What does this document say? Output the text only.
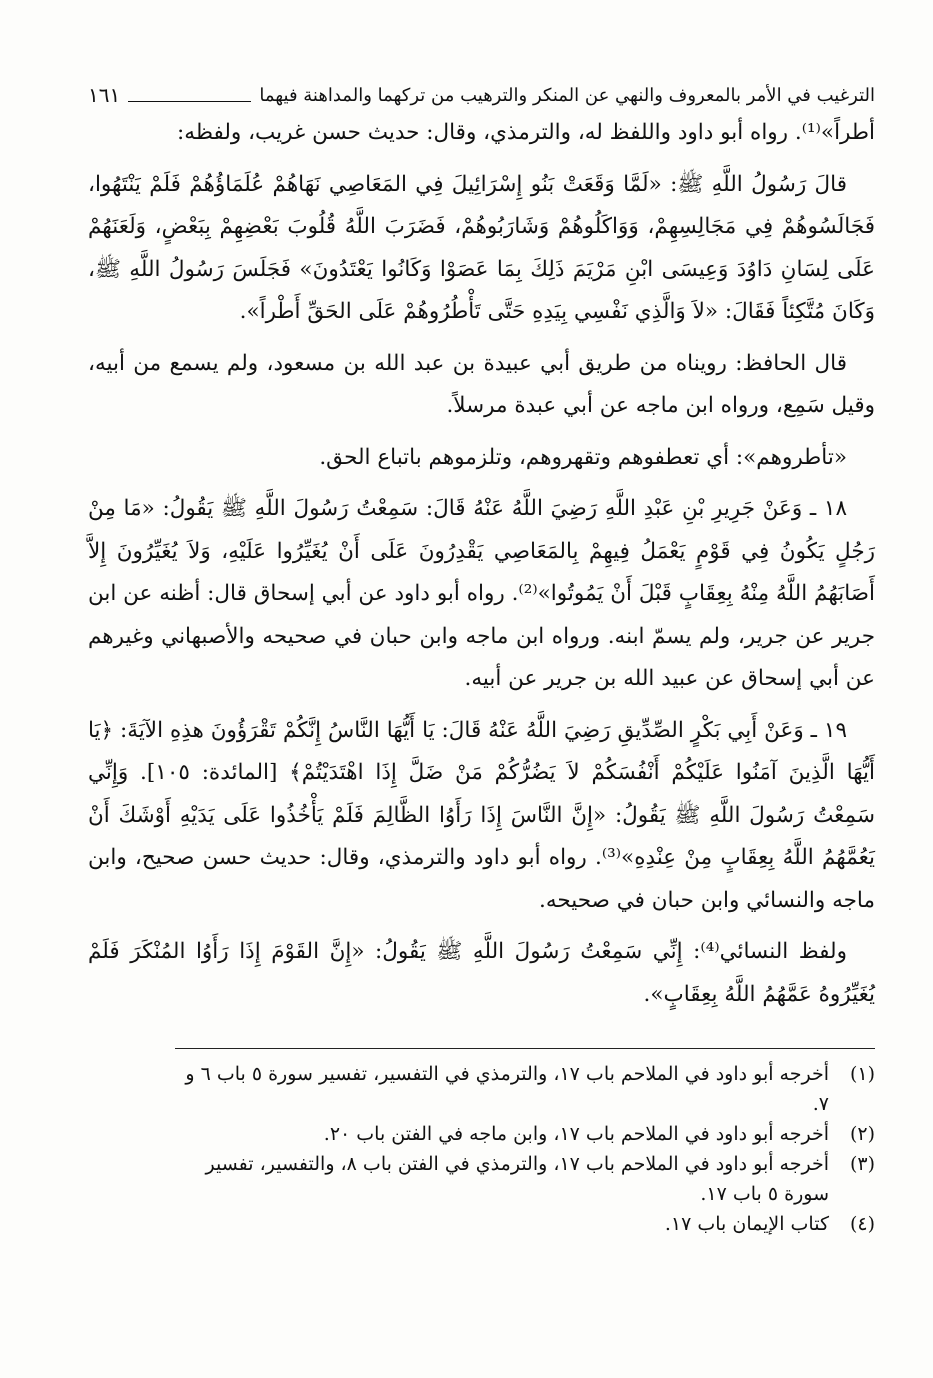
الترغيب في الأمر بالمعروف والنهي عن المنكر والترهيب من تركهما والمداهنة فيهما
١٦١

أطراً»⁽¹⁾. رواه أبو داود واللفظ له، والترمذي، وقال: حديث حسن غريب، ولفظه:

قالَ رَسُولُ اللَّهِ ﷺ: «لَمَّا وَقَعَتْ بَنُو إِسْرَائِيلَ فِي المَعَاصِي نَهَاهُمْ عُلَمَاؤُهُمْ فَلَمْ يَنْتَهُوا، فَجَالَسُوهُمْ فِي مَجَالِسِهِمْ، وَوَاكَلُوهُمْ وَشَارَبُوهُمْ، فَضَرَبَ اللَّهُ قُلُوبَ بَعْضِهِمْ بِبَعْضٍ، وَلَعَنَهُمْ عَلَى لِسَانِ دَاوُدَ وَعِيسَى ابْنِ مَرْيَمَ ذَلِكَ بِمَا عَصَوْا وَكَانُوا يَعْتَدُونَ» فَجَلَسَ رَسُولُ اللَّهِ ﷺ، وَكَانَ مُتَّكِئاً فَقَالَ: «لاَ وَالَّذِي نَفْسِي بِيَدِهِ حَتَّى تَأْطُرُوهُمْ عَلَى الحَقِّ أَطْراً».

قال الحافظ: رويناه من طريق أبي عبيدة بن عبد الله بن مسعود، ولم يسمع من أبيه، وقيل سَمِع، ورواه ابن ماجه عن أبي عبدة مرسلاً.

«تأطروهم»: أي تعطفوهم وتقهروهم، وتلزموهم باتباع الحق.

١٨ ـ وَعَنْ جَرِيرِ بْنِ عَبْدِ اللَّهِ رَضِيَ اللَّهُ عَنْهُ قَالَ: سَمِعْتُ رَسُولَ اللَّهِ ﷺ يَقُولُ: «مَا مِنْ رَجُلٍ يَكُونُ فِي قَوْمٍ يَعْمَلُ فِيهِمْ بِالمَعَاصِي يَقْدِرُونَ عَلَى أَنْ يُغَيِّرُوا عَلَيْهِ، وَلاَ يُغَيِّرُونَ إِلاَّ أَصَابَهُمُ اللَّهُ مِنْهُ بِعِقَابٍ قَبْلَ أَنْ يَمُوتُوا»⁽²⁾. رواه أبو داود عن أبي إسحاق قال: أظنه عن ابن جرير عن جرير، ولم يسمّ ابنه. ورواه ابن ماجه وابن حبان في صحيحه والأصبهاني وغيرهم عن أبي إسحاق عن عبيد الله بن جرير عن أبيه.

١٩ ـ وَعَنْ أَبِي بَكْرٍ الصِّدِّيقِ رَضِيَ اللَّهُ عَنْهُ قَالَ: يَا أَيُّهَا النَّاسُ إِنَّكُمْ تَقْرَؤُونَ هذِهِ الآيَةَ: ﴿يَا أَيُّهَا الَّذِينَ آمَنُوا عَلَيْكُمْ أَنْفُسَكُمْ لاَ يَضُرُّكُمْ مَنْ ضَلَّ إِذَا اهْتَدَيْتُمْ﴾ [المائدة: ١٠٥]. وَإِنِّي سَمِعْتُ رَسُولَ اللَّهِ ﷺ يَقُولُ: «إِنَّ النَّاسَ إِذَا رَأَوُا الظَّالِمَ فَلَمْ يَأْخُذُوا عَلَى يَدَيْهِ أَوْشَكَ أَنْ يَعُمَّهُمُ اللَّهُ بِعِقَابٍ مِنْ عِنْدِهِ»⁽³⁾. رواه أبو داود والترمذي، وقال: حديث حسن صحيح، وابن ماجه والنسائي وابن حبان في صحيحه.

ولفظ النسائي⁽⁴⁾: إِنِّي سَمِعْتُ رَسُولَ اللَّهِ ﷺ يَقُولُ: «إِنَّ القَوْمَ إِذَا رَأَوُا المُنْكَرَ فَلَمْ يُغَيِّرُوهُ عَمَّهُمُ اللَّهُ بِعِقَابٍ».

(١)
أخرجه أبو داود في الملاحم باب ١٧، والترمذي في التفسير، تفسير سورة ٥ باب ٦ و ٧.
(٢)
أخرجه أبو داود في الملاحم باب ١٧، وابن ماجه في الفتن باب ٢٠.
(٣)
أخرجه أبو داود في الملاحم باب ١٧، والترمذي في الفتن باب ٨، والتفسير، تفسير سورة ٥ باب ١٧.
(٤)
كتاب الإيمان باب ١٧.
